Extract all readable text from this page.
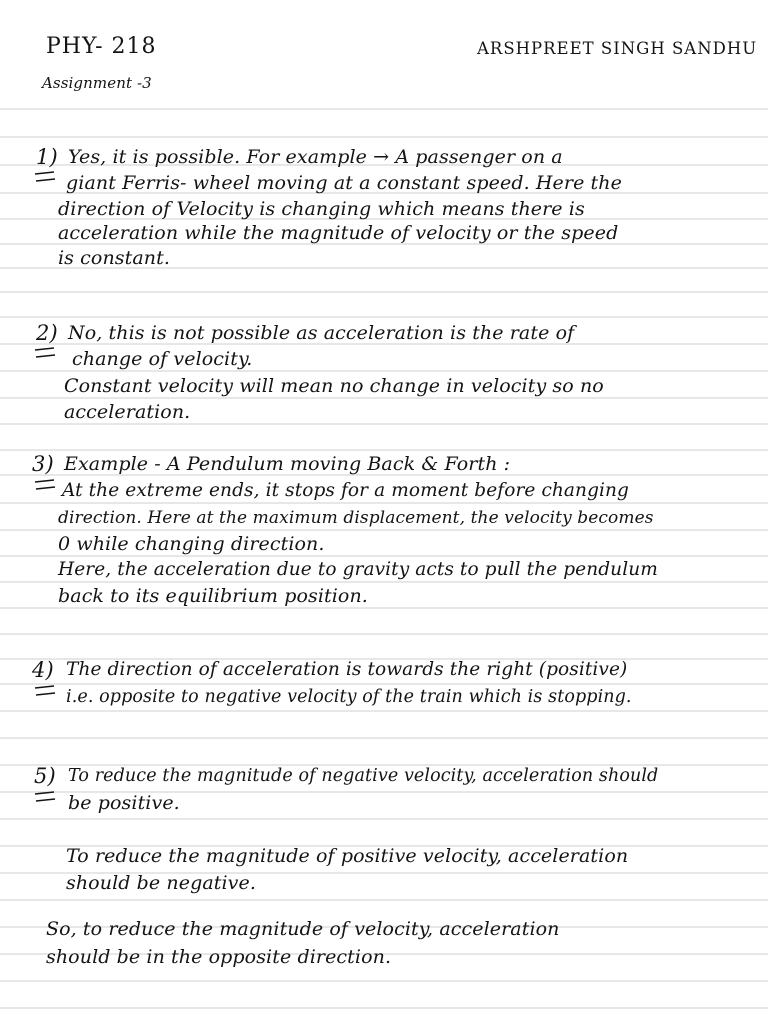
PHY- 218	ARSHPREET SINGH SANDHU
Assignment -3
1) Yes, it is possible. For example → A passenger on a
giant Ferris- wheel moving at a constant speed. Here the
direction of Velocity is changing which means there is
acceleration while the magnitude of velocity or the speed
is constant.
2) No, this is not possible as acceleration is the rate of
change of velocity.
Constant velocity will mean no change in velocity so no
acceleration.
3) Example - A Pendulum moving Back & Forth :
At the extreme ends, it stops for a moment before changing
direction. Here at the maximum displacement, the velocity becomes
0 while changing direction.
Here, the acceleration due to gravity acts to pull the pendulum
back to its equilibrium position.
4) The direction of acceleration is towards the right (positive)
i.e. opposite to negative velocity of the train which is stopping.
5) To reduce the magnitude of negative velocity, acceleration should
be positive.
To reduce the magnitude of positive velocity, acceleration
should be negative.
So, to reduce the magnitude of velocity, acceleration
should be in the opposite direction.
